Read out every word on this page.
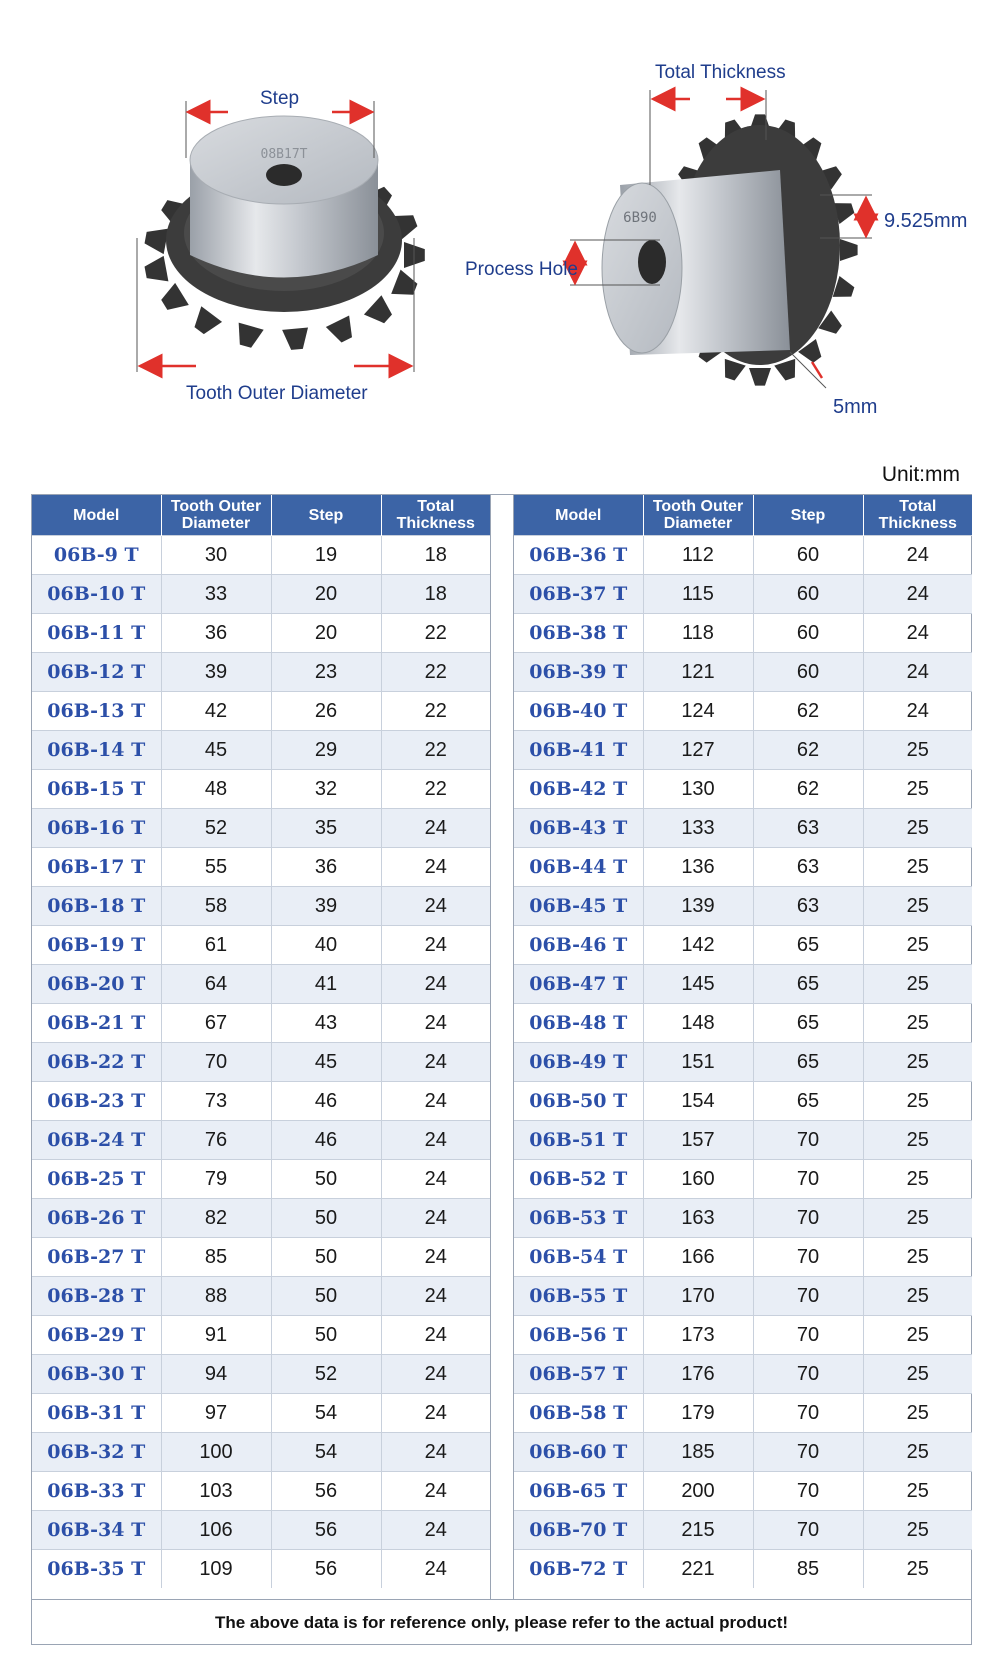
08B17T
6B90
Step
Tooth Outer Diameter
Total Thickness
Process Hole
9.525mm
5mm
Unit:mm
Model	Tooth Outer Diameter	Step	Total Thickness
06B-9 T	30	19	18
06B-10 T	33	20	18
06B-11 T	36	20	22
06B-12 T	39	23	22
06B-13 T	42	26	22
06B-14 T	45	29	22
06B-15 T	48	32	22
06B-16 T	52	35	24
06B-17 T	55	36	24
06B-18 T	58	39	24
06B-19 T	61	40	24
06B-20 T	64	41	24
06B-21 T	67	43	24
06B-22 T	70	45	24
06B-23 T	73	46	24
06B-24 T	76	46	24
06B-25 T	79	50	24
06B-26 T	82	50	24
06B-27 T	85	50	24
06B-28 T	88	50	24
06B-29 T	91	50	24
06B-30 T	94	52	24
06B-31 T	97	54	24
06B-32 T	100	54	24
06B-33 T	103	56	24
06B-34 T	106	56	24
06B-35 T	109	56	24
Model	Tooth Outer Diameter	Step	Total Thickness
06B-36 T	112	60	24
06B-37 T	115	60	24
06B-38 T	118	60	24
06B-39 T	121	60	24
06B-40 T	124	62	24
06B-41 T	127	62	25
06B-42 T	130	62	25
06B-43 T	133	63	25
06B-44 T	136	63	25
06B-45 T	139	63	25
06B-46 T	142	65	25
06B-47 T	145	65	25
06B-48 T	148	65	25
06B-49 T	151	65	25
06B-50 T	154	65	25
06B-51 T	157	70	25
06B-52 T	160	70	25
06B-53 T	163	70	25
06B-54 T	166	70	25
06B-55 T	170	70	25
06B-56 T	173	70	25
06B-57 T	176	70	25
06B-58 T	179	70	25
06B-60 T	185	70	25
06B-65 T	200	70	25
06B-70 T	215	70	25
06B-72 T	221	85	25
The above data is for reference only, please refer to the actual product!
